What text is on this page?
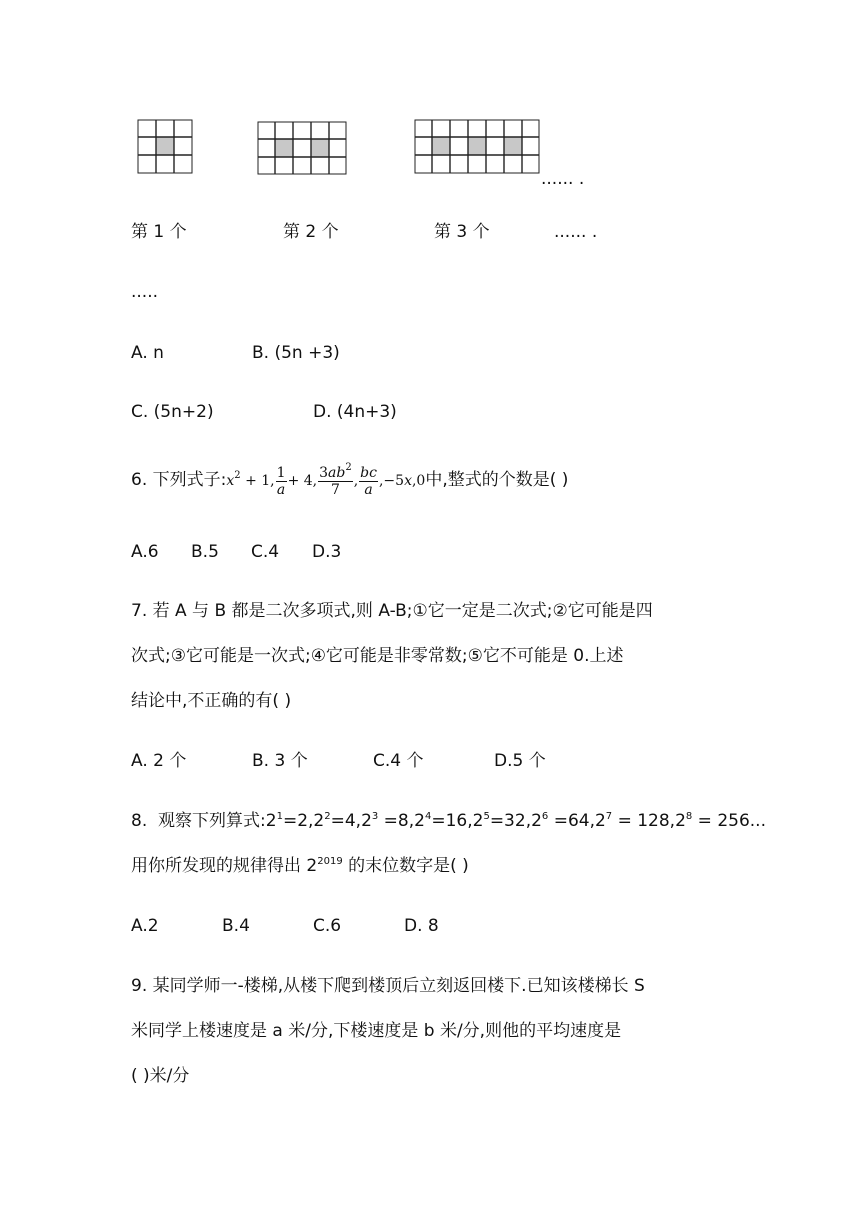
...... .
第 1 个	第 2 个	第 3 个	...... .
.....
A. n	B. (5n +3)
C. (5n+2)	D. (4n+3)
6. 下列式子$:x^2 + 1$, $\frac{1}{a} + 4$, $\frac{3ab^2}{7}$ , $\frac{bc}{a} ,-5x,0$中,整式的个数是( )
A.6 B.5 C.4 D.3
7. 若 A 与 B 都是二次多项式,则 A-B;①它一定是二次式;②它可能是四
次式;③它可能是一次式;④它可能是非零常数;⑤它不可能是 0.上述
结论中,不正确的有( )
A. 2 个	B. 3 个	C.4 个	D.5 个
8.  观察下列算式$:2^1=2,2^2=4,2^3 =8,2^4=16,2^5=32,2^6 =64,2^7 = 128,2^8 = 256$...
用你所发现的规律得出 $2^{2019}$ 的末位数字是( )
A.2	B.4	C.6	D. 8
9. 某同学师一-楼梯,从楼下爬到楼顶后立刻返回楼下.已知该楼梯长 S
米同学上楼速度是 a 米/分,下楼速度是 b 米/分,则他的平均速度是
( )米/分
